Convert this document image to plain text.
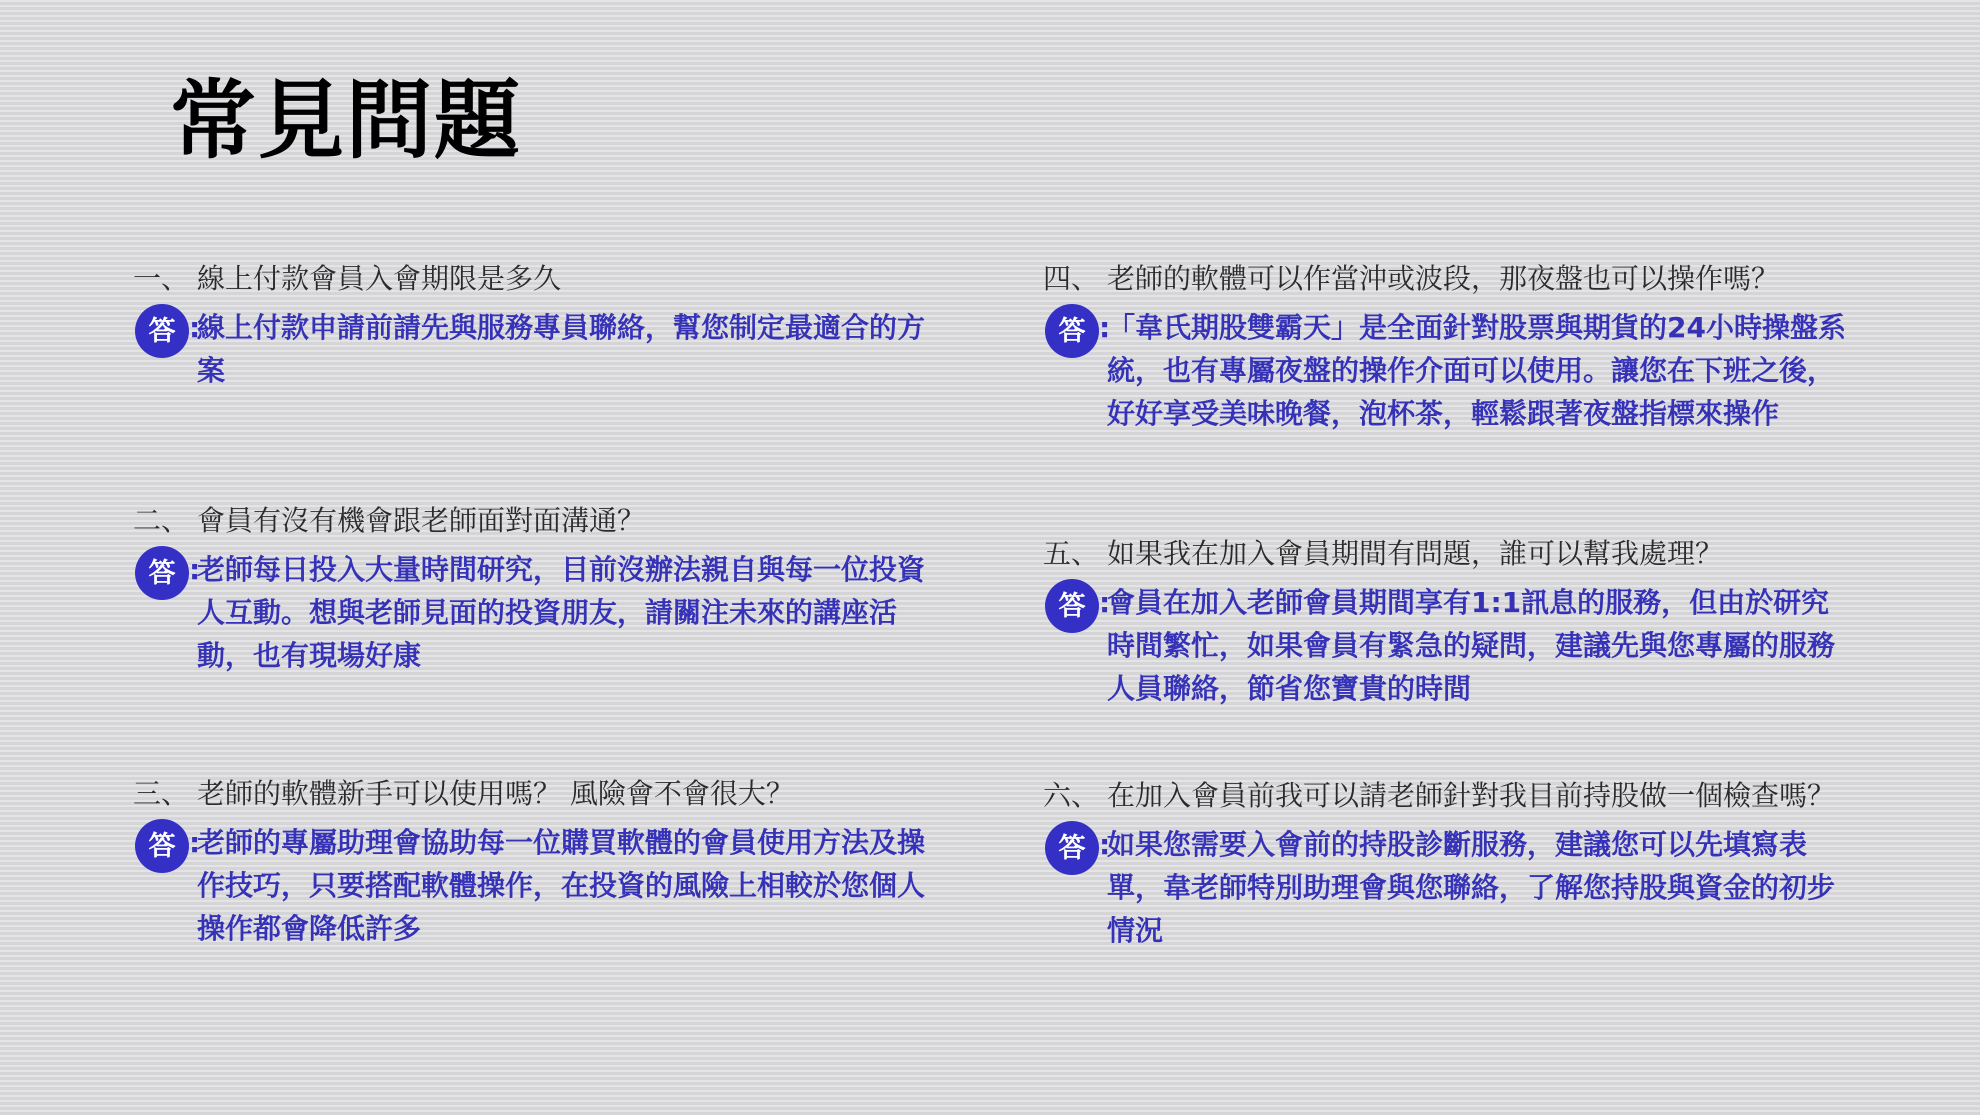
常見問題
一、 線上付款會員入會期限是多久
答 :
線上付款申請前請先與服務專員聯絡，幫您制定最適合的方案
二、 會員有沒有機會跟老師面對面溝通？
答 :
老師每日投入大量時間研究，目前沒辦法親自與每一位投資人互動。想與老師見面的投資朋友，請關注未來的講座活動，也有現場好康
三、 老師的軟體新手可以使用嗎？ 風險會不會很大？
答 :
老師的專屬助理會協助每一位購買軟體的會員使用方法及操作技巧，只要搭配軟體操作，在投資的風險上相較於您個人操作都會降低許多
四、 老師的軟體可以作當沖或波段，那夜盤也可以操作嗎？
答 :
「韋氏期股雙霸天」是全面針對股票與期貨的24小時操盤系統，也有專屬夜盤的操作介面可以使用。讓您在下班之後，好好享受美味晚餐，泡杯茶，輕鬆跟著夜盤指標來操作
五、 如果我在加入會員期間有問題，誰可以幫我處理？
答 :
會員在加入老師會員期間享有1:1訊息的服務，但由於研究時間繁忙，如果會員有緊急的疑問，建議先與您專屬的服務人員聯絡，節省您寶貴的時間
六、 在加入會員前我可以請老師針對我目前持股做一個檢查嗎？
答 :
如果您需要入會前的持股診斷服務，建議您可以先填寫表單，韋老師特別助理會與您聯絡，了解您持股與資金的初步情況
